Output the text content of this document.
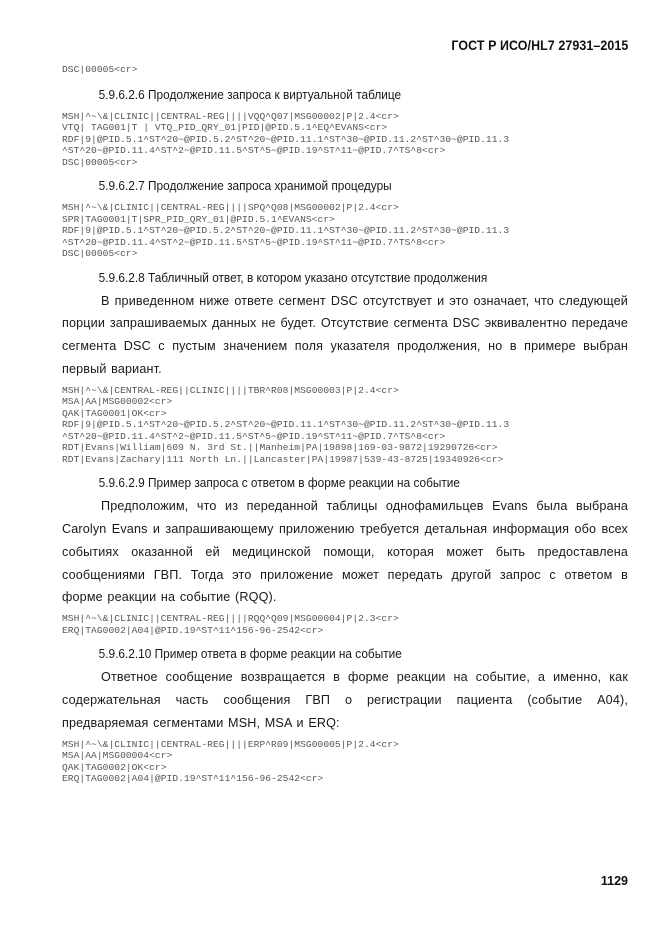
ГОСТ Р ИСО/HL7 27931–2015
DSC|00005<cr>
5.9.6.2.6 Продолжение запроса к виртуальной таблице
MSH|^~\&|CLINIC||CENTRAL-REG||||VQQ^Q07|MSG00002|P|2.4<cr>
VTQ| TAG001|T | VTQ_PID_QRY_01|PID|@PID.5.1^EQ^EVANS<cr>
RDF|9|@PID.5.1^ST^20~@PID.5.2^ST^20~@PID.11.1^ST^30~@PID.11.2^ST^30~@PID.11.3
^ST^20~@PID.11.4^ST^2~@PID.11.5^ST^5~@PID.19^ST^11~@PID.7^TS^8<cr>
DSC|00005<cr>
5.9.6.2.7 Продолжение запроса хранимой процедуры
MSH|^~\&|CLINIC||CENTRAL-REG||||SPQ^Q08|MSG00002|P|2.4<cr>
SPR|TAG0001|T|SPR_PID_QRY_01|@PID.5.1^EVANS<cr>
RDF|9|@PID.5.1^ST^20~@PID.5.2^ST^20~@PID.11.1^ST^30~@PID.11.2^ST^30~@PID.11.3
^ST^20~@PID.11.4^ST^2~@PID.11.5^ST^5~@PID.19^ST^11~@PID.7^TS^8<cr>
DSC|00005<cr>
5.9.6.2.8 Табличный ответ, в котором указано отсутствие продолжения

В приведенном ниже ответе сегмент DSC отсутствует и это означает, что следующей порции запрашиваемых данных не будет. Отсутствие сегмента DSC эквивалентно передаче сегмента DSC с пустым значением поля указателя продолжения, но в примере выбран первый вариант.

MSH|^~\&|CENTRAL-REG||CLINIC||||TBR^R08|MSG00003|P|2.4<cr>
MSA|AA|MSG00002<cr>
QAK|TAG0001|OK<cr>
RDF|9|@PID.5.1^ST^20~@PID.5.2^ST^20~@PID.11.1^ST^30~@PID.11.2^ST^30~@PID.11.3
^ST^20~@PID.11.4^ST^2~@PID.11.5^ST^5~@PID.19^ST^11~@PID.7^TS^8<cr>
RDT|Evans|William|609 N. 3rd St.||Manheim|PA|19898|169-03-9872|19290726<cr>
RDT|Evans|Zachary|111 North Ln.||Lancaster|PA|19987|539-43-8725|19340926<cr>
5.9.6.2.9 Пример запроса с ответом в форме реакции на событие

Предположим, что из переданной таблицы однофамильцев Evans была выбрана Carolyn Evans и запрашивающему приложению требуется детальная информация обо всех событиях оказанной ей медицинской помощи, которая может быть предоставлена сообщениями ГВП. Тогда это приложение может передать другой запрос с ответом в форме реакции на событие (RQQ).

MSH|^~\&|CLINIC||CENTRAL-REG||||RQQ^Q09|MSG00004|P|2.3<cr>
ERQ|TAG0002|A04|@PID.19^ST^11^156-96-2542<cr>
5.9.6.2.10 Пример ответа в форме реакции на событие

Ответное сообщение возвращается в форме реакции на событие, а именно, как содержательная часть сообщения ГВП о регистрации пациента (событие А04), предваряемая сегментами MSH, MSA и ERQ:

MSH|^~\&|CLINIC||CENTRAL-REG||||ERP^R09|MSG00005|P|2.4<cr>
MSA|AA|MSG00004<cr>
QAK|TAG0002|OK<cr>
ERQ|TAG0002|A04|@PID.19^ST^11^156-96-2542<cr>
1129
